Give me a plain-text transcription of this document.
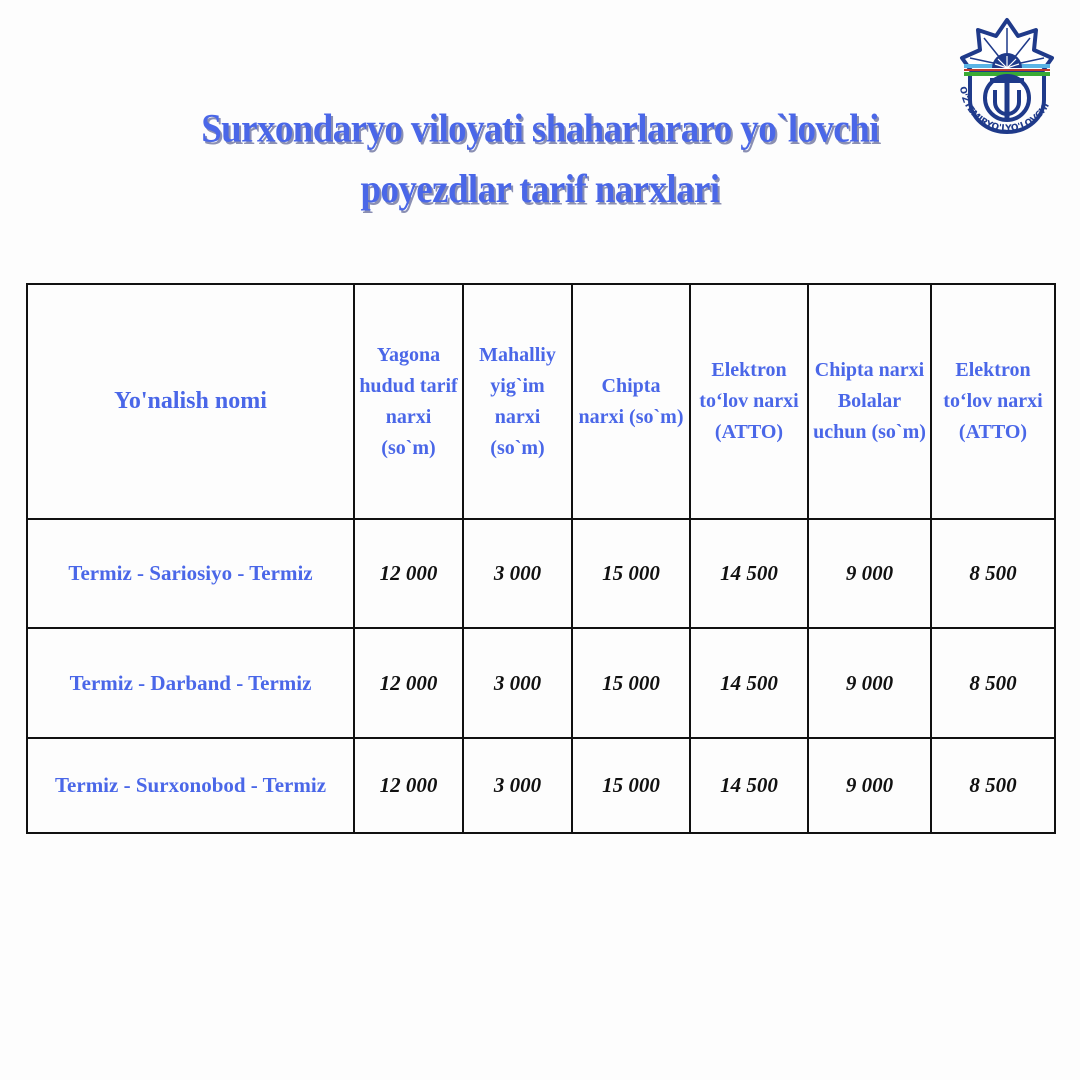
O'ZTEMIRYO'LYO'LOVCHI
Surxondaryo viloyati shaharlararo yo`lovchi
poyezdlar tarif narxlari
Yo'nalish nomi	Yagona hudud tarif narxi (so`m)	Mahalliy yig`im narxi (so`m)	Chipta narxi (so`m)	Elektron to‘lov narxi (ATTO)	Chipta narxi Bolalar uchun (so`m)	Elektron to‘lov narxi (ATTO)
Termiz - Sariosiyo - Termiz	12 000	3 000	15 000	14 500	9 000	8 500
Termiz - Darband - Termiz	12 000	3 000	15 000	14 500	9 000	8 500
Termiz - Surxonobod - Termiz	12 000	3 000	15 000	14 500	9 000	8 500
